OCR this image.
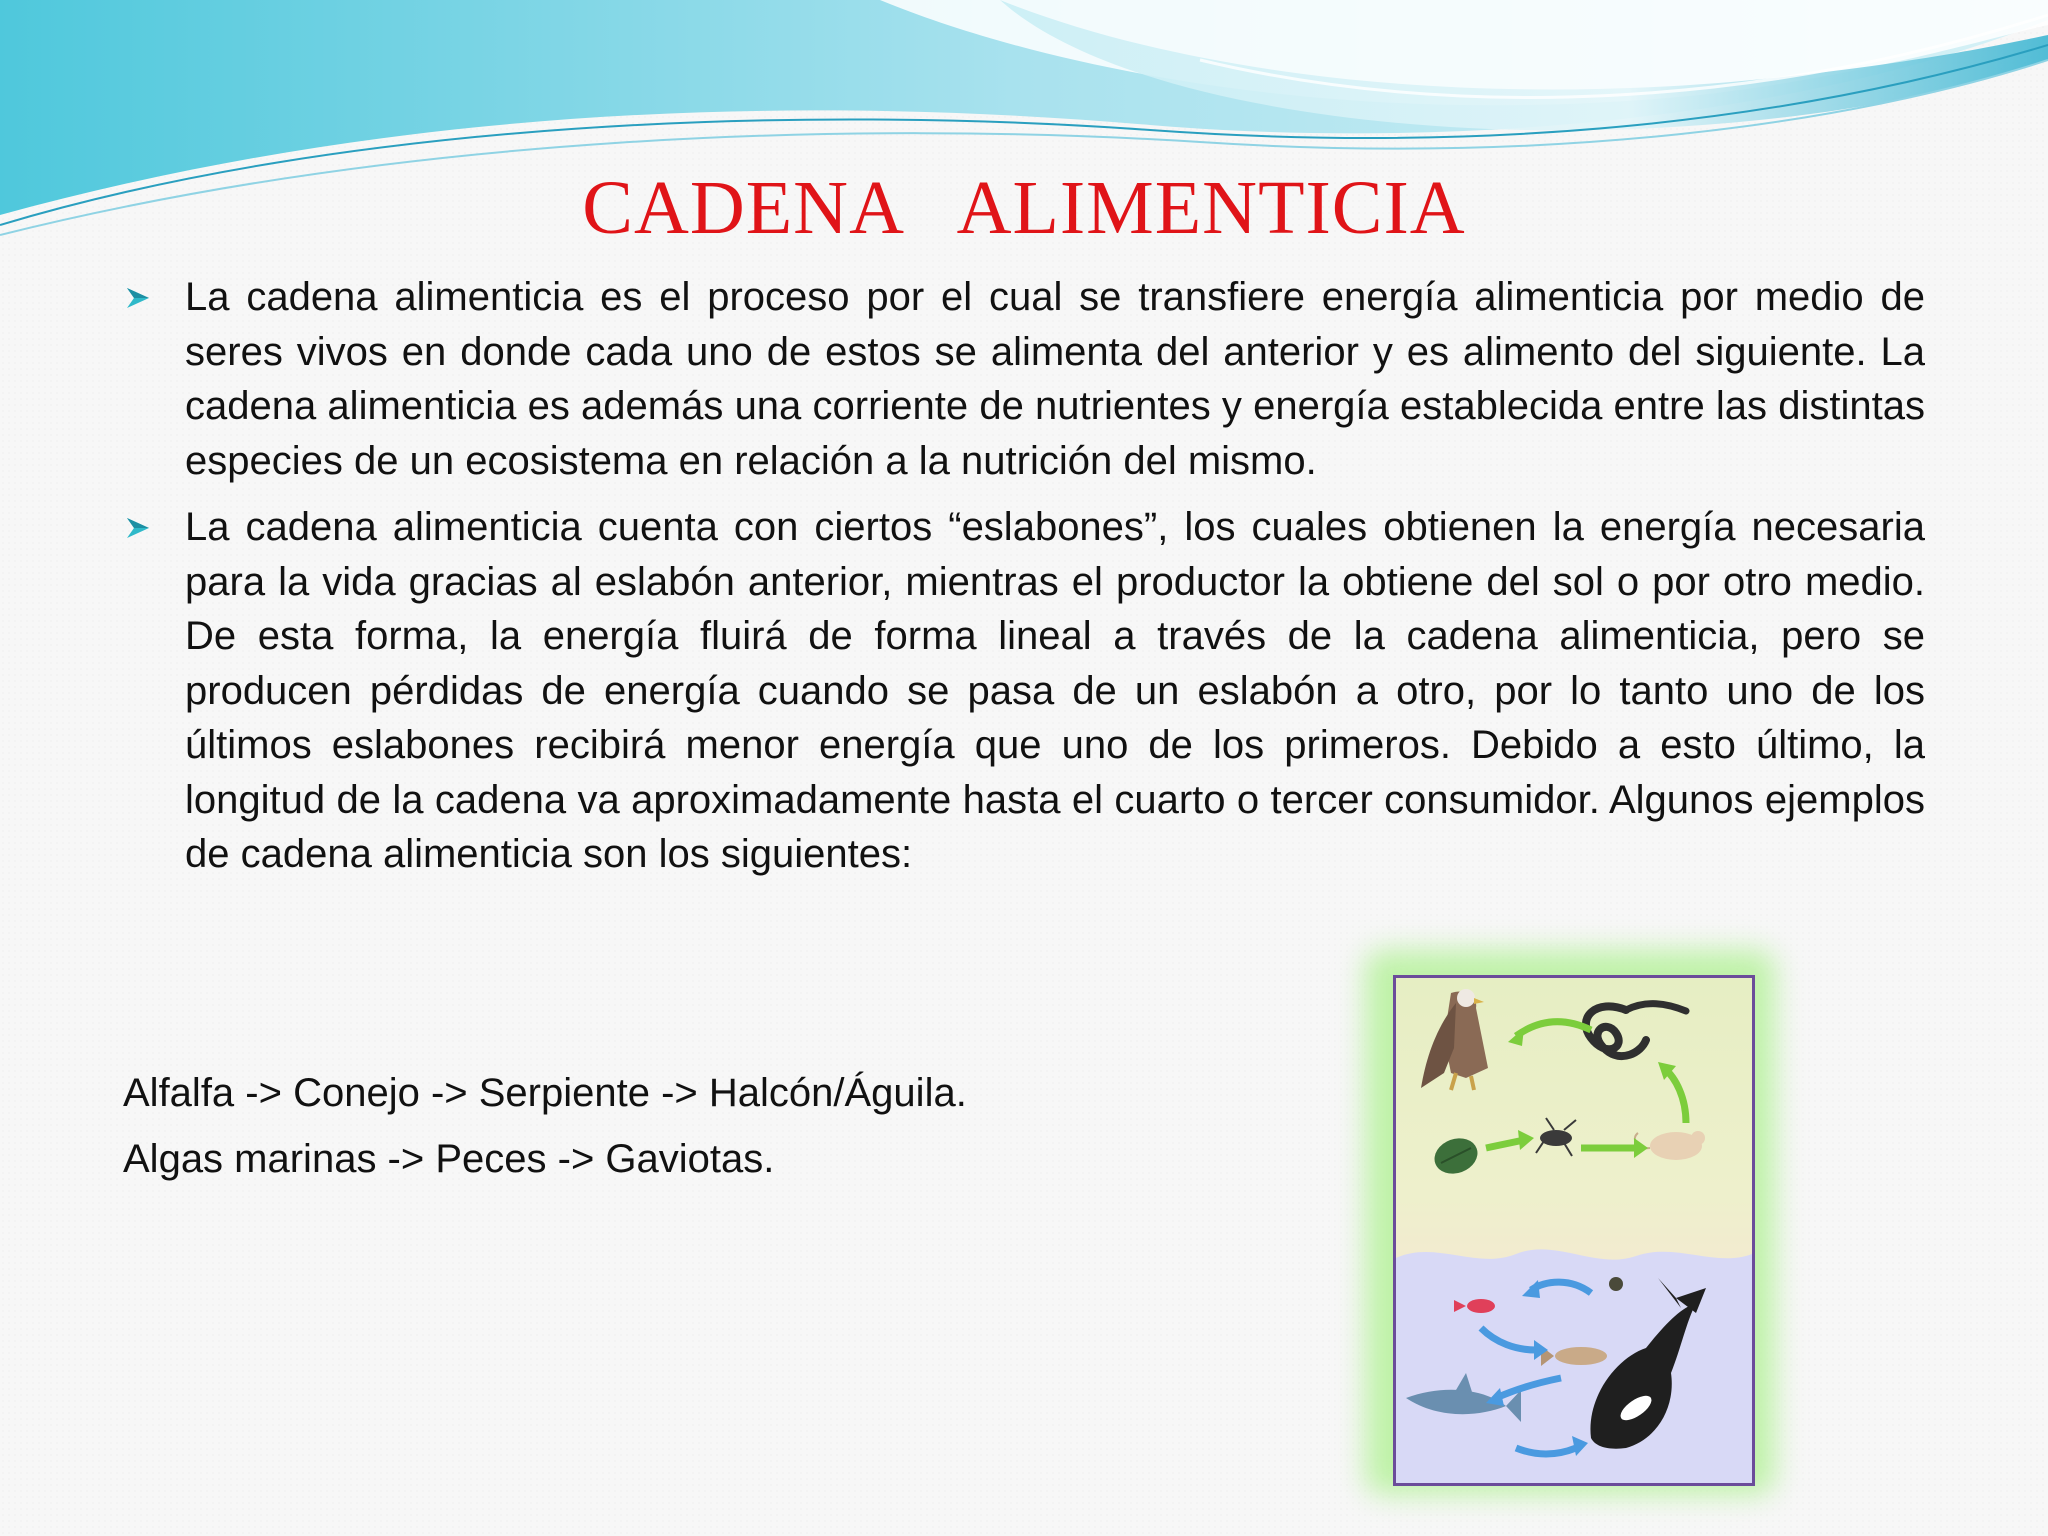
CADENA   ALIMENTICIA
La cadena alimenticia es el proceso por el cual se transfiere energía alimenticia por medio de seres vivos en donde cada uno de estos se alimenta del anterior y es alimento del siguiente. La cadena alimenticia es además una corriente de nutrientes y energía establecida entre las distintas especies de un ecosistema en relación a la nutrición del mismo.
La cadena alimenticia cuenta con ciertos “eslabones”, los cuales obtienen la energía necesaria para la vida gracias al eslabón anterior, mientras el productor la obtiene del sol o por otro medio. De esta forma, la energía fluirá de forma lineal a través de la cadena alimenticia, pero se producen pérdidas de energía cuando se pasa de un eslabón a otro, por lo tanto uno de los últimos eslabones recibirá menor energía que uno de los primeros. Debido a esto último, la longitud de la cadena va aproximadamente hasta el cuarto o tercer consumidor. Algunos ejemplos de cadena alimenticia son los siguientes:
Alfalfa -> Conejo -> Serpiente -> Halcón/Águila.
Algas marinas -> Peces -> Gaviotas.
